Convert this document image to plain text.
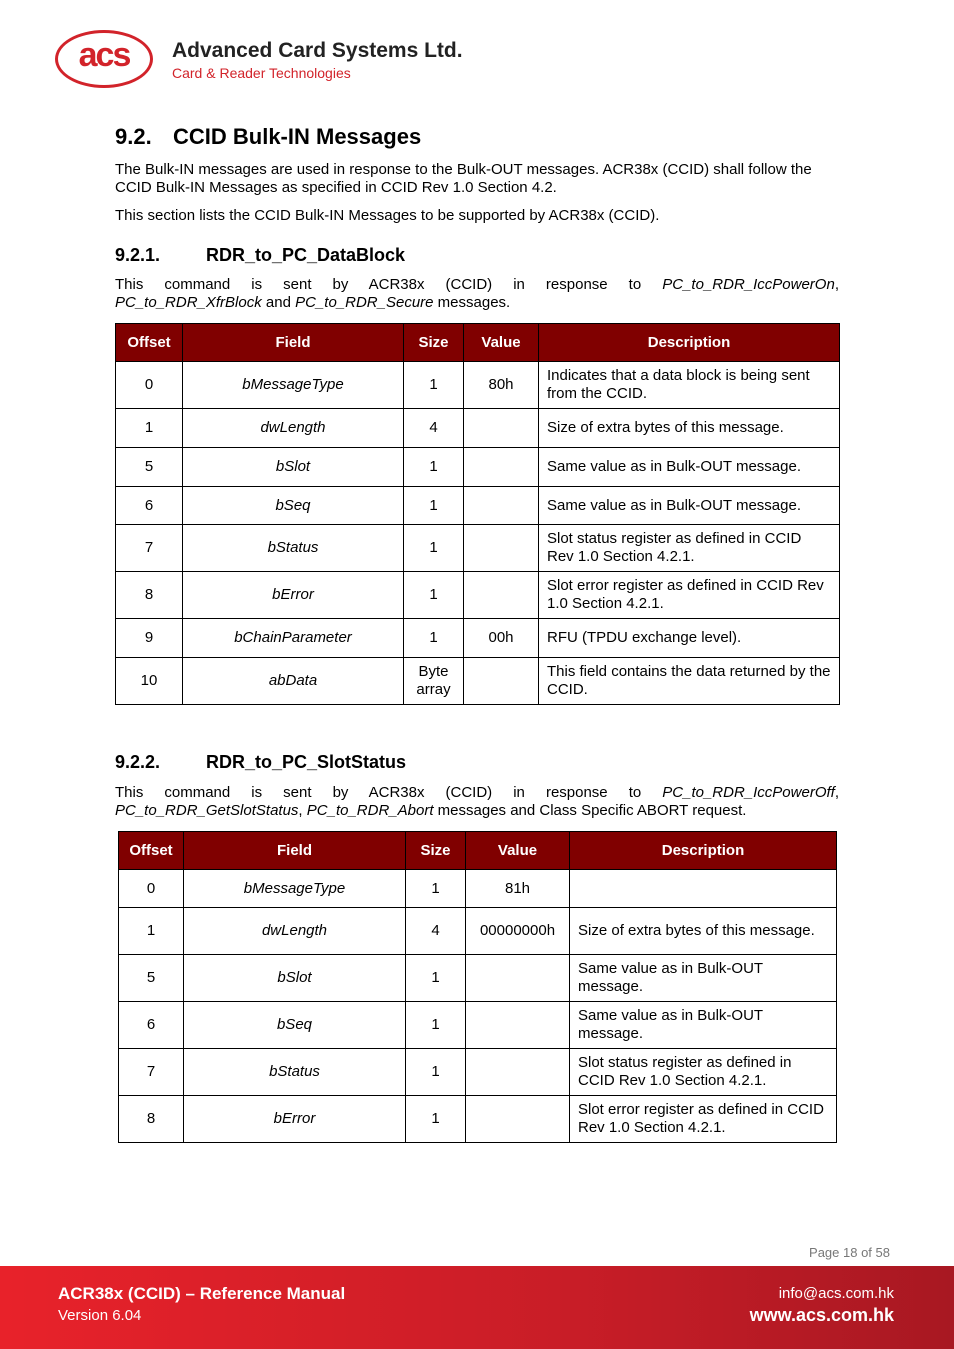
acs	Advanced Card Systems Ltd.
Card & Reader Technologies
9.2. CCID Bulk-IN Messages
The Bulk-IN messages are used in response to the Bulk-OUT messages. ACR38x (CCID) shall follow the CCID Bulk-IN Messages as specified in CCID Rev 1.0 Section 4.2.
This section lists the CCID Bulk-IN Messages to be supported by ACR38x (CCID).
9.2.1.	RDR_to_PC_DataBlock
This command is sent by ACR38x (CCID) in response to PC_to_RDR_IccPowerOn,
PC_to_RDR_XfrBlock and PC_to_RDR_Secure messages.
Offset	Field	Size	Value	Description
0	bMessageType	1	80h	Indicates that a data block is being sent from the CCID.
1	dwLength	4		Size of extra bytes of this message.
5	bSlot	1		Same value as in Bulk-OUT message.
6	bSeq	1		Same value as in Bulk-OUT message.
7	bStatus	1		Slot status register as defined in CCID Rev 1.0 Section 4.2.1.
8	bError	1		Slot error register as defined in CCID Rev 1.0 Section 4.2.1.
9	bChainParameter	1	00h	RFU (TPDU exchange level).
10	abData	Byte array		This field contains the data returned by the CCID.
9.2.2.	RDR_to_PC_SlotStatus
This command is sent by ACR38x (CCID) in response to PC_to_RDR_IccPowerOff,
PC_to_RDR_GetSlotStatus, PC_to_RDR_Abort messages and Class Specific ABORT request.
Offset	Field	Size	Value	Description
0	bMessageType	1	81h	
1	dwLength	4	00000000h	Size of extra bytes of this message.
5	bSlot	1		Same value as in Bulk-OUT message.
6	bSeq	1		Same value as in Bulk-OUT message.
7	bStatus	1		Slot status register as defined in CCID Rev 1.0 Section 4.2.1.
8	bError	1		Slot error register as defined in CCID Rev 1.0 Section 4.2.1.
Page 18 of 58
ACR38x (CCID) – Reference Manual
Version 6.04
info@acs.com.hk
www.acs.com.hk
